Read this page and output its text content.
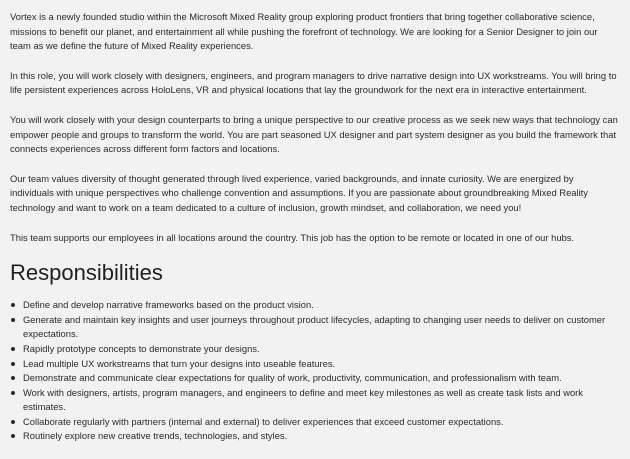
Vortex is a newly founded studio within the Microsoft Mixed Reality group exploring product frontiers that bring together collaborative science, missions to benefit our planet, and entertainment all while pushing the forefront of technology. We are looking for a Senior Designer to join our team as we define the future of Mixed Reality experiences.

In this role, you will work closely with designers, engineers, and program managers to drive narrative design into UX workstreams. You will bring to life persistent experiences across HoloLens, VR and physical locations that lay the groundwork for the next era in interactive entertainment.

You will work closely with your design counterparts to bring a unique perspective to our creative process as we seek new ways that technology can empower people and groups to transform the world. You are part seasoned UX designer and part system designer as you build the framework that connects experiences across different form factors and locations.

Our team values diversity of thought generated through lived experience, varied backgrounds, and innate curiosity. We are energized by individuals with unique perspectives who challenge convention and assumptions. If you are passionate about groundbreaking Mixed Reality technology and want to work on a team dedicated to a culture of inclusion, growth mindset, and collaboration, we need you!

This team supports our employees in all locations around the country. This job has the option to be remote or located in one of our hubs.

Responsibilities
Define and develop narrative frameworks based on the product vision.
Generate and maintain key insights and user journeys throughout product lifecycles, adapting to changing user needs to deliver on customer expectations.
Rapidly prototype concepts to demonstrate your designs.
Lead multiple UX workstreams that turn your designs into useable features.
Demonstrate and communicate clear expectations for quality of work, productivity, communication, and professionalism with team.
Work with designers, artists, program managers, and engineers to define and meet key milestones as well as create task lists and work estimates.
Collaborate regularly with partners (internal and external) to deliver experiences that exceed customer expectations.
Routinely explore new creative trends, technologies, and styles.
